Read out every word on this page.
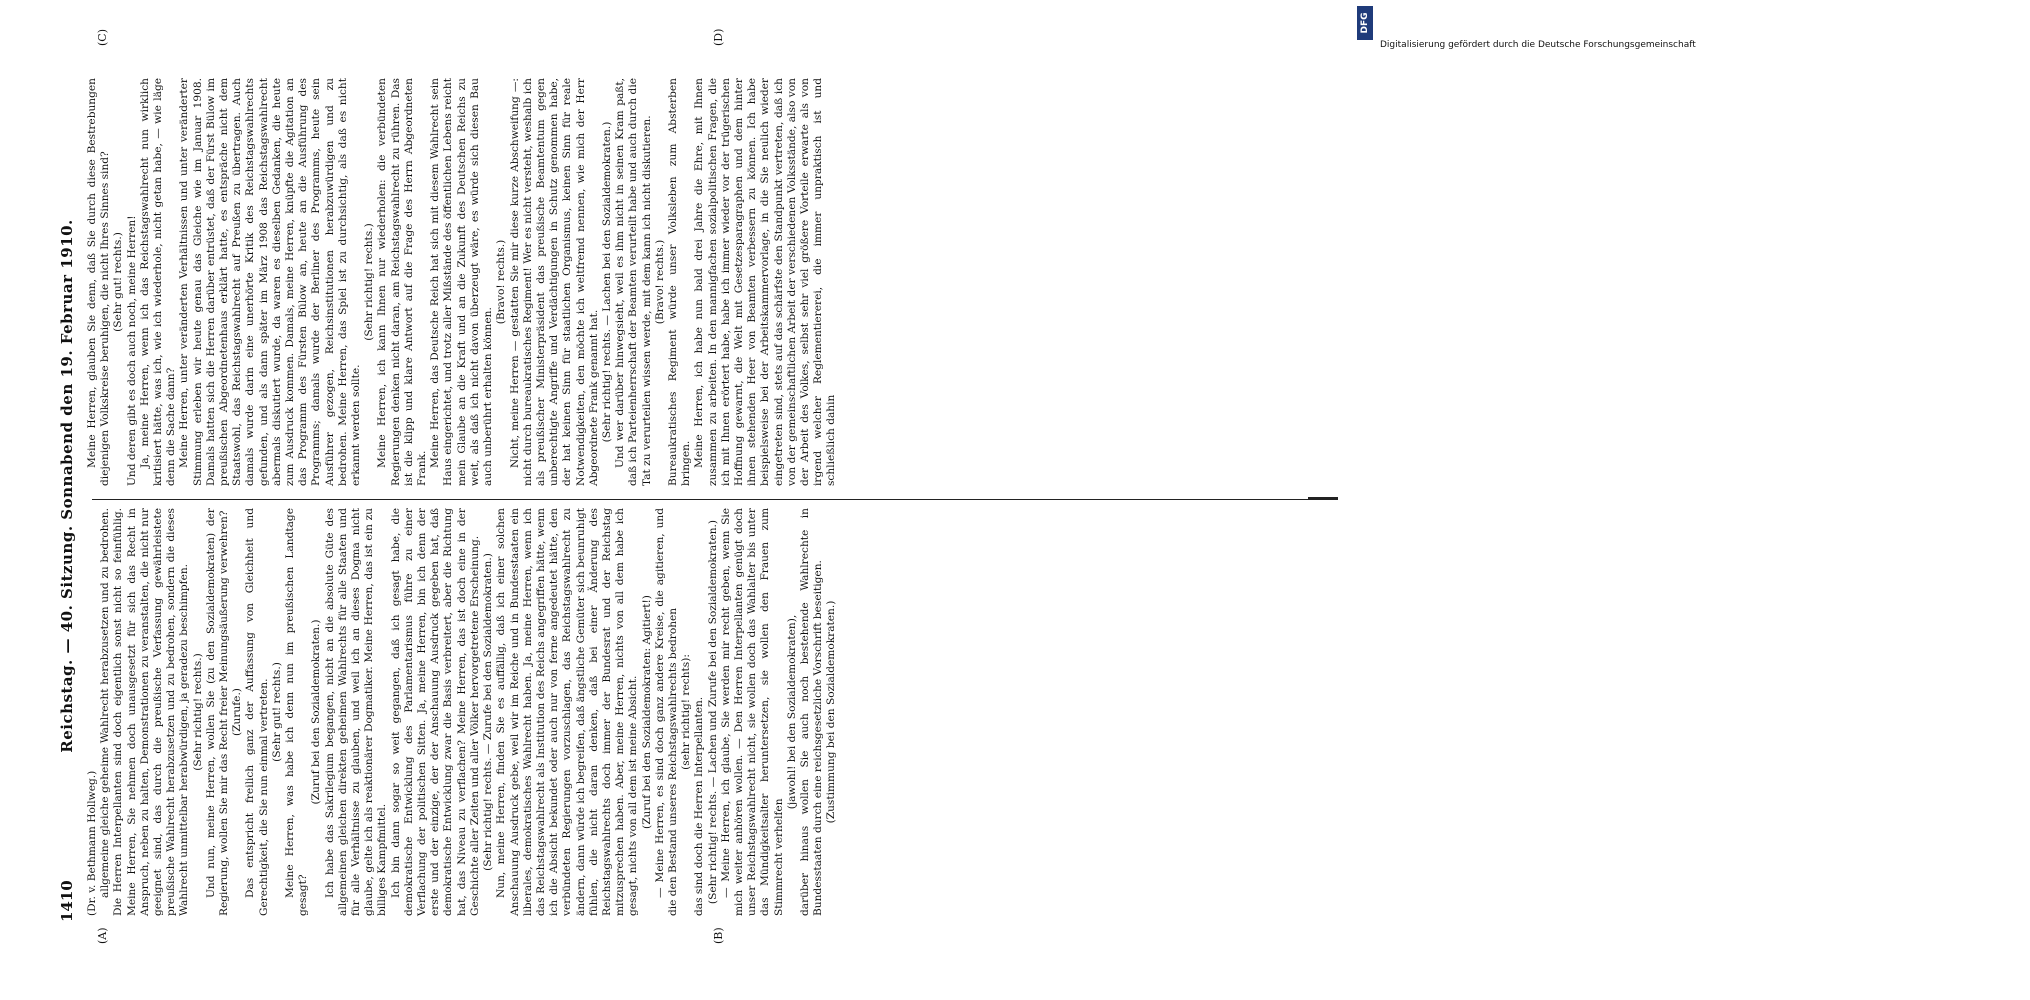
1410
Reichstag. — 40. Sitzung. Sonnabend den 19. Februar 1910.
(A)	(B)
(C)	(D)

(Dr. v. Bethmann Hollweg.) allgemeine gleiche geheime Wahlrecht herabzusetzen und zu bedrohen. Die Herren Interpellanten sind doch eigentlich sonst nicht so feinfühlig. Meine Herren, Sie nehmen doch unausgesetzt für sich das Recht in Anspruch, neben zu halten, Demonstrationen zu veranstalten, die nicht nur geeignet sind, das durch die preußische Verfassung gewährleistete preußische Wahlrecht herabzusetzen und zu bedrohen, sondern die dieses Wahlrecht unmittelbar herabwürdigen, ja geradezu beschimpfen. (Sehr richtig! rechts.) Und nun, meine Herren, wollen Sie (zu den Sozialdemokraten) der Regierung, wollen Sie mir das Recht freier Meinungsäußerung verwehren? (Zurufe.) Das entspricht freilich ganz der Auffassung von Gleichheit und Gerechtigkeit, die Sie nun einmal vertreten. (Sehr gut! rechts.) Meine Herren, was habe ich denn nun im preußischen Landtage gesagt?

(Zuruf bei den Sozialdemokraten.) Ich habe das Sakrilegium begangen, nicht an die absolute Güte des allgemeinen gleichen direkten geheimen Wahlrechts für alle Staaten und für alle Verhältnisse zu glauben, und weil ich an dieses Dogma nicht glaube, gelte ich als reaktionärer Dogmatiker. Meine Herren, das ist ein zu billiges Kampfmittel. Ich bin dann sogar so weit gegangen, daß ich gesagt habe, die demokratische Entwicklung des Parlamentarismus führe zu einer Verflachung der politischen Sitten. Ja, meine Herren, bin ich denn der erste und der einzige, der der Anschauung Ausdruck gegeben hat, daß demokratische Entwicklung zwar die Basis verbreitert, aber die Richtung hat, das Niveau zu verflachen? Meine Herren, das ist doch eine in der Geschichte aller Zeiten und aller Völker hervorgetretene Erscheinung. (Sehr richtig! rechts. — Zurufe bei den Sozialdemokraten.) Nun, meine Herren, finden Sie es auffällig, daß ich einer solchen Anschauung Ausdruck gebe, weil wir im Reiche und in Bundesstaaten ein liberales, demokratisches Wahlrecht haben. Ja, meine Herren, wenn ich das Reichstagswahlrecht als Institution des Reichs angegriffen hätte, wenn ich die Absicht bekundet oder auch nur von ferne angedeutet hätte, den verbündeten Regierungen vorzuschlagen, das Reichstagswahlrecht zu ändern, dann würde ich begreifen, daß ängstliche Gemüter sich beunruhigt fühlen, die nicht daran denken, daß bei einer Änderung des Reichstagswahlrechts doch immer der Bundesrat und der Reichstag mitzusprechen haben. Aber, meine Herren, nichts von all dem habe ich gesagt, nichts von all dem ist meine Absicht. (Zuruf bei den Sozialdemokraten: Agitiert!) — Meine Herren, es sind doch ganz andere Kreise, die agitieren, und die den Bestand unseres Reichstagswahlrechts bedrohen (sehr richtig! rechts): das sind doch die Herren Interpellanten. (Sehr richtig! rechts. — Lachen und Zurufe bei den Sozialdemokraten.) — Meine Herren, ich glaube, Sie werden mir recht geben, wenn Sie mich weiter anhören wollen. — Den Herren Interpellanten genügt doch unser Reichstagswahlrecht nicht, sie wollen doch das Wahlalter bis unter das Mündigkeitsalter heruntersetzen, sie wollen den Frauen zum Stimmrecht verhelfen

(jawohl! bei den Sozialdemokraten), darüber hinaus wollen Sie auch noch bestehende Wahlrechte in Bundesstaaten durch eine reichsgesetzliche Vorschrift beseitigen. (Zustimmung bei den Sozialdemokraten.)

Meine Herren, glauben Sie denn, daß Sie durch diese Bestrebungen diejenigen Volkskreise beruhigen, die nicht Ihres Sinnes sind? (Sehr gut! rechts.) Und deren gibt es doch auch noch, meine Herren! Ja, meine Herren, wenn ich das Reichstagswahlrecht nun wirklich kritisiert hätte, was ich, wie ich wiederhole, nicht getan habe, — wie läge denn die Sache dann? Meine Herren, unter veränderten Verhältnissen und unter veränderter Stimmung erleben wir heute genau das Gleiche wie im Januar 1908. Damals hatten sich die Herren darüber entrüstet, daß der Fürst Bülow im preußischen Abgeordnetenhaus erklärt hatte, es entspräche nicht dem Staatswohl, das Reichstagswahlrecht auf Preußen zu übertragen. Auch damals wurde darin eine unerhörte Kritik des Reichstagswahlrechts gefunden, und als dann später im März 1908 das Reichstagswahlrecht abermals diskutiert wurde, da waren es dieselben Gedanken, die heute zum Ausdruck kommen. Damals, meine Herren, knüpfte die Agitation an das Programm des Fürsten Bülow an, heute an die Ausführung des Programms; damals wurde der Berliner des Programms, heute sein Ausführer gezogen, Reichsinstitutionen herabzuwürdigen und zu bedrohen. Meine Herren, das Spiel ist zu durchsichtig, als daß es nicht erkannt werden sollte.

(Sehr richtig! rechts.) Meine Herren, ich kann Ihnen nur wiederholen: die verbündeten Regierungen denken nicht daran, am Reichstagswahlrecht zu rühren. Das ist die klipp und klare Antwort auf die Frage des Herrn Abgeordneten Frank.

Meine Herren, das Deutsche Reich hat sich mit diesem Wahlrecht sein Haus eingerichtet, und trotz aller Mißstände des öffentlichen Lebens reicht mein Glaube an die Kraft und an die Zukunft des Deutschen Reichs zu weit, als daß ich nicht davon überzeugt wäre, es würde sich diesen Bau auch unberührt erhalten können.

(Bravo! rechts.) Nicht, meine Herren — gestatten Sie mir diese kurze Abschweifung —: nicht durch bureaukratisches Regiment! Wer es nicht versteht, weshalb ich als preußischer Ministerpräsident das preußische Beamtentum gegen unberechtigte Angriffe und Verdächtigungen in Schutz genommen habe, der hat keinen Sinn für staatlichen Organismus, keinen Sinn für reale Notwendigkeiten, den möchte ich weltfremd nennen, wie mich der Herr Abgeordnete Frank genannt hat. (Sehr richtig! rechts. — Lachen bei den Sozialdemokraten.) Und wer darüber hinwegsieht, weil es ihm nicht in seinen Kram paßt, daß ich Parteienherrschaft der Beamten verurteilt habe und auch durch die Tat zu verurteilen wissen werde, mit dem kann ich nicht diskutieren. (Bravo! rechts.) Bureaukratisches Regiment würde unser Volksleben zum Absterben bringen. Meine Herren, ich habe nun bald drei Jahre die Ehre, mit Ihnen zusammen zu arbeiten. In den mannigfachen sozialpolitischen Fragen, die ich mit Ihnen erörtert habe, habe ich immer wieder vor der trügerischen Hoffnung gewarnt, die Welt mit Gesetzesparagraphen und dem hinter ihnen stehenden Heer von Beamten verbessern zu können. Ich habe beispielsweise bei der Arbeitskammervorlage, in die Sie neulich wieder eingetreten sind, stets auf das schärfste den Standpunkt vertreten, daß ich von der gemeinschaftlichen Arbeit der verschiedenen Volksstände, also von der Arbeit des Volkes, selbst sehr viel größere Vorteile erwarte als von irgend welcher Reglementiererei, die immer unpraktisch ist und schließlich dahin

DFG
Digitalisierung gefördert durch die Deutsche Forschungsgemeinschaft
